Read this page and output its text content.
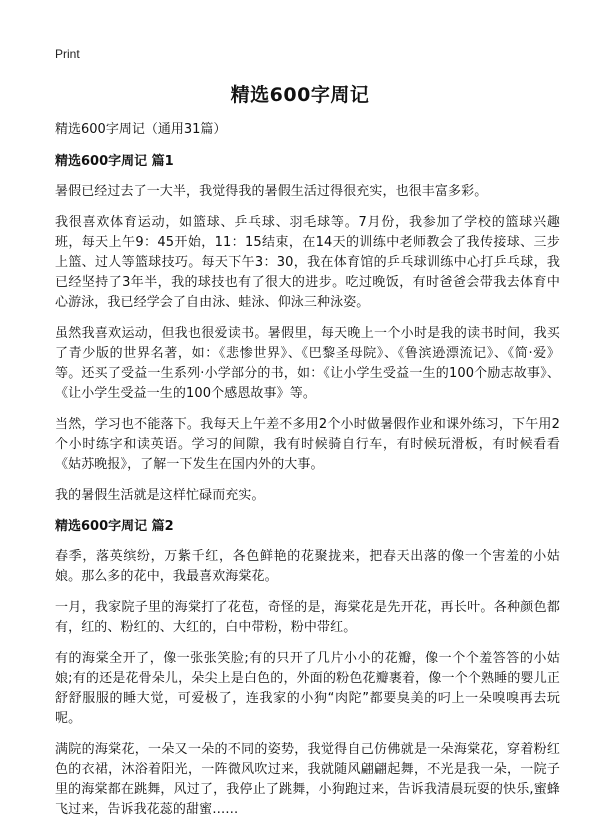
Print
精选600字周记

精选600字周记（通用31篇）

精选600字周记 篇1

暑假已经过去了一大半，我觉得我的暑假生活过得很充实，也很丰富多彩。

我很喜欢体育运动，如篮球、乒乓球、羽毛球等。7月份，我参加了学校的篮球兴趣班，每天上午9：45开始，11：15结束，在14天的训练中老师教会了我传接球、三步上篮、过人等篮球技巧。每天下午3：30，我在体育馆的乒乓球训练中心打乒乓球，我已经坚持了3年半，我的球技也有了很大的进步。吃过晚饭，有时爸爸会带我去体育中心游泳，我已经学会了自由泳、蛙泳、仰泳三种泳姿。

虽然我喜欢运动，但我也很爱读书。暑假里，每天晚上一个小时是我的读书时间，我买了青少版的世界名著，如：《悲惨世界》、《巴黎圣母院》、《鲁滨逊漂流记》、《简·爱》等。还买了受益一生系列·小学部分的书，如：《让小学生受益一生的100个励志故事》、《让小学生受益一生的100个感恩故事》等。

当然，学习也不能落下。我每天上午差不多用2个小时做暑假作业和课外练习，下午用2个小时练字和读英语。学习的间隙，我有时候骑自行车，有时候玩滑板，有时候看看《姑苏晚报》，了解一下发生在国内外的大事。

我的暑假生活就是这样忙碌而充实。

精选600字周记 篇2

春季，落英缤纷，万紫千红，各色鲜艳的花聚拢来，把春天出落的像一个害羞的小姑娘。那么多的花中，我最喜欢海棠花。

一月，我家院子里的海棠打了花苞，奇怪的是，海棠花是先开花，再长叶。各种颜色都有，红的、粉红的、大红的，白中带粉，粉中带红。

有的海棠全开了，像一张张笑脸;有的只开了几片小小的花瓣，像一个个羞答答的小姑娘;有的还是花骨朵儿，朵尖上是白色的，外面的粉色花瓣裹着，像一个个熟睡的婴儿正舒舒服服的睡大觉，可爱极了，连我家的小狗“肉陀”都要臭美的叼上一朵嗅嗅再去玩呢。

满院的海棠花，一朵又一朵的不同的姿势，我觉得自己仿佛就是一朵海棠花，穿着粉红色的衣裙，沐浴着阳光，一阵微风吹过来，我就随风翩翩起舞，不光是我一朵，一院子里的海棠都在跳舞，风过了，我停止了跳舞，小狗跑过来，告诉我清晨玩耍的快乐,蜜蜂飞过来，告诉我花蕊的甜蜜……
